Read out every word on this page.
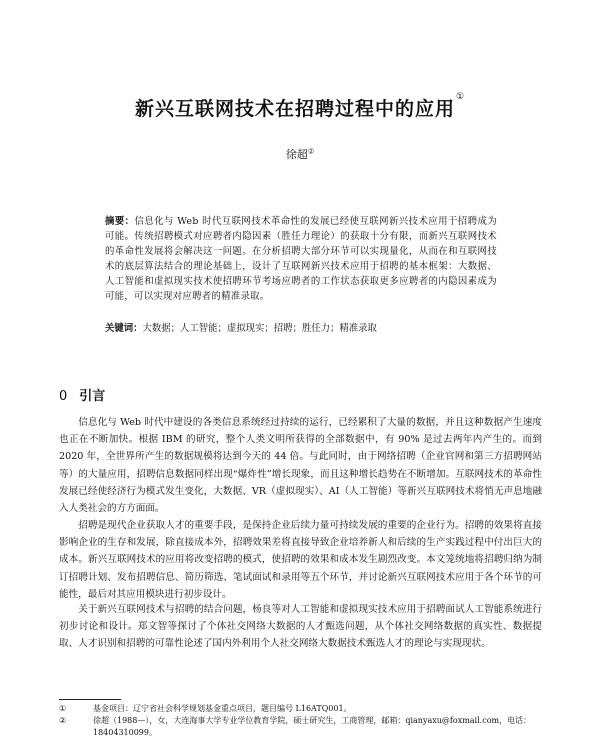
新兴互联网技术在招聘过程中的应用①
徐超②
摘要：信息化与 Web 时代互联网技术革命性的发展已经使互联网新兴技术应用于招聘成为可能。传统招聘模式对应聘者内隐因素（胜任力理论）的获取十分有限，而新兴互联网技术的革命性发展将会解决这一问题。在分析招聘大部分环节可以实现量化，从而在和互联网技术的底层算法结合的理论基础上，设计了互联网新兴技术应用于招聘的基本框架：大数据、人工智能和虚拟现实技术使招聘环节考场应聘者的工作状态获取更多应聘者的内隐因素成为可能，可以实现对应聘者的精准录取。
关键词：大数据；人工智能；虚拟现实；招聘；胜任力；精准录取
0 引言

信息化与 Web 时代中建设的各类信息系统经过持续的运行，已经累积了大量的数据，并且这种数据产生速度也正在不断加快。根据 IBM 的研究，整个人类文明所获得的全部数据中，有 90% 是过去两年内产生的。而到 2020 年，全世界所产生的数据规模将达到今天的 44 倍。与此同时，由于网络招聘（企业官网和第三方招聘网站等）的大量应用，招聘信息数据同样出现“爆炸性”增长现象，而且这种增长趋势在不断增加。互联网技术的革命性发展已经使经济行为模式发生变化，大数据、VR（虚拟现实）、AI（人工智能）等新兴互联网技术将悄无声息地融入人类社会的方方面面。

招聘是现代企业获取人才的重要手段，是保持企业后续力量可持续发展的重要的企业行为。招聘的效果将直接影响企业的生存和发展，除直接成本外，招聘效果差将直接导致企业培养新人和后续的生产实践过程中付出巨大的成本。新兴互联网技术的应用将改变招聘的模式，使招聘的效果和成本发生剧烈改变。本文笼统地将招聘归纳为制订招聘计划、发布招聘信息、简历筛选、笔试面试和录用等五个环节，并讨论新兴互联网技术应用于各个环节的可能性，最后对其应用模块进行初步设计。

关于新兴互联网技术与招聘的结合问题，杨良等对人工智能和虚拟现实技术应用于招聘面试人工智能系统进行初步讨论和设计。郑文智等探讨了个体社交网络大数据的人才甄选问题，从个体社交网络数据的真实性、数据提取、人才识别和招聘的可靠性论述了国内外利用个人社交网络大数据技术甄选人才的理论与实现现状。

①	基金项目：辽宁省社会科学规划基金重点项目，题目编号 L16ATQ001。
②	徐超（1988—），女，大连海事大学专业学位教育学院，硕士研究生，工商管理，邮箱：qianyaxu@foxmail.com，电话：18404310099。
